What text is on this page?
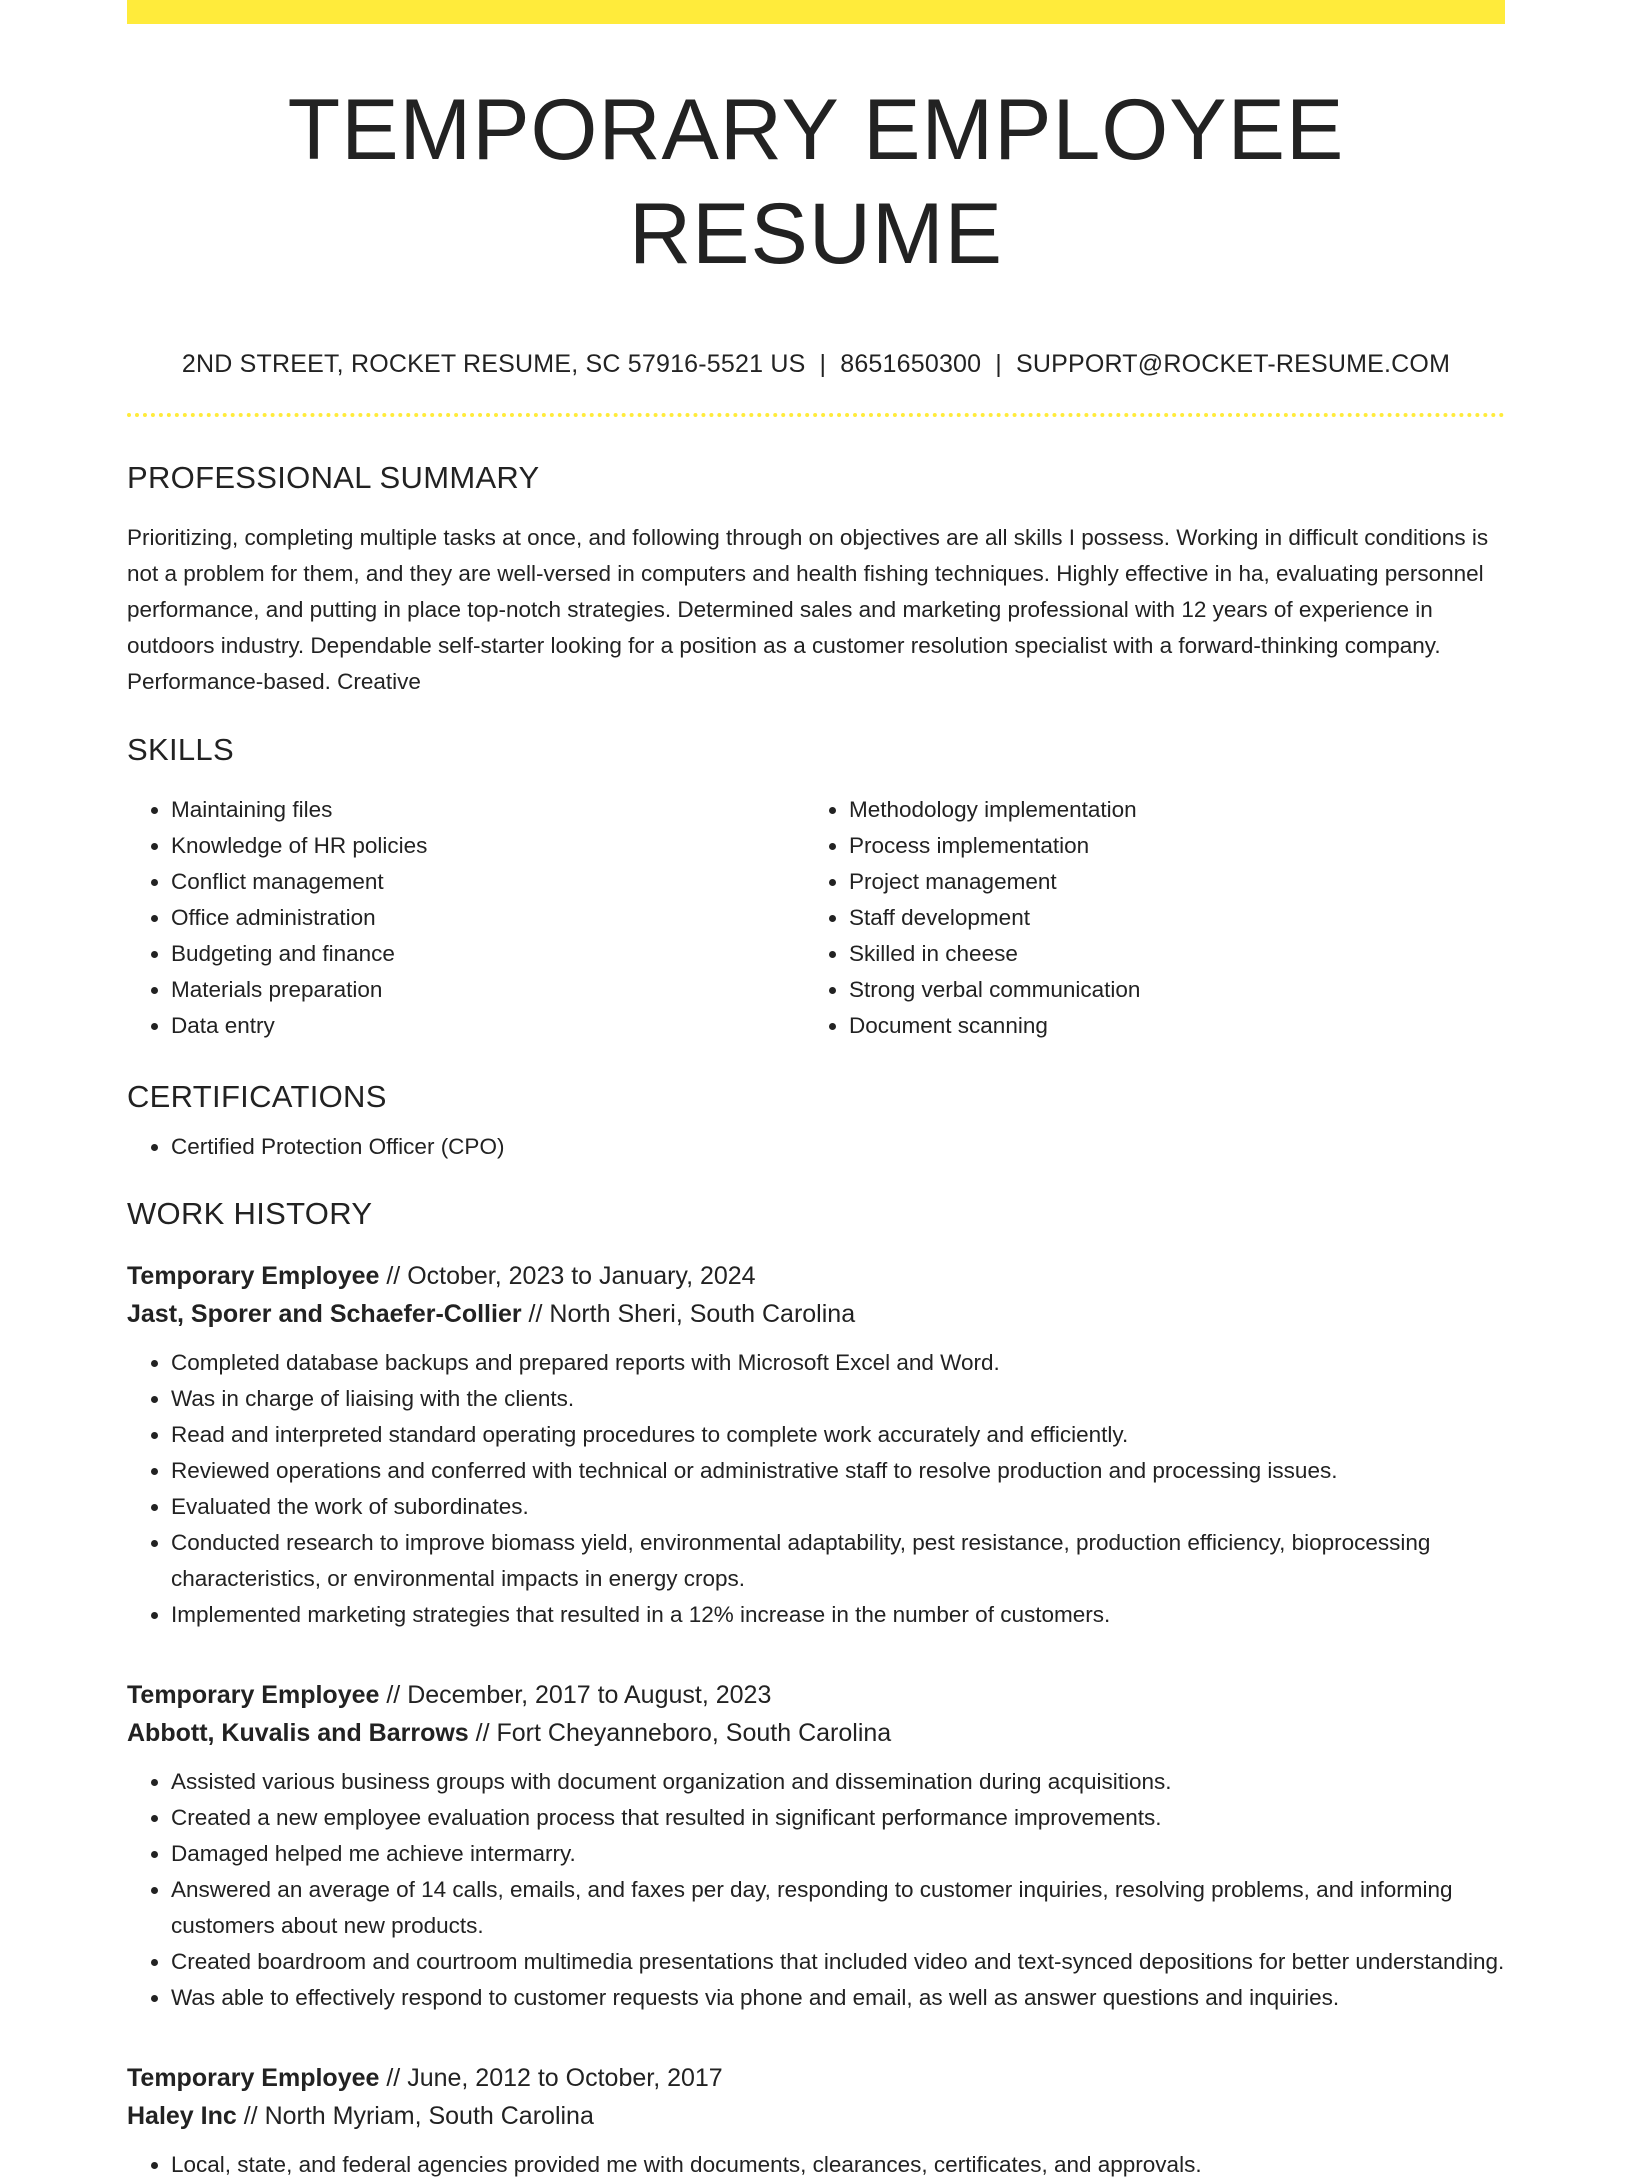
TEMPORARY EMPLOYEE RESUME
2ND STREET, ROCKET RESUME, SC 57916-5521 US | 8651650300 | SUPPORT@ROCKET-RESUME.COM
PROFESSIONAL SUMMARY

Prioritizing, completing multiple tasks at once, and following through on objectives are all skills I possess. Working in difficult conditions is not a problem for them, and they are well-versed in computers and health fishing techniques. Highly effective in ha, evaluating personnel performance, and putting in place top-notch strategies. Determined sales and marketing professional with 12 years of experience in outdoors industry. Dependable self-starter looking for a position as a customer resolution specialist with a forward-thinking company. Performance-based. Creative

SKILLS
• Maintaining files
• Knowledge of HR policies
• Conflict management
• Office administration
• Budgeting and finance
• Materials preparation
• Data entry
• Methodology implementation
• Process implementation
• Project management
• Staff development
• Skilled in cheese
• Strong verbal communication
• Document scanning
CERTIFICATIONS
• Certified Protection Officer (CPO)
WORK HISTORY
Temporary Employee // October, 2023 to January, 2024
Jast, Sporer and Schaefer-Collier // North Sheri, South Carolina
• Completed database backups and prepared reports with Microsoft Excel and Word.
• Was in charge of liaising with the clients.
• Read and interpreted standard operating procedures to complete work accurately and efficiently.
• Reviewed operations and conferred with technical or administrative staff to resolve production and processing issues.
• Evaluated the work of subordinates.
• Conducted research to improve biomass yield, environmental adaptability, pest resistance, production efficiency, bioprocessing characteristics, or environmental impacts in energy crops.
• Implemented marketing strategies that resulted in a 12% increase in the number of customers.
Temporary Employee // December, 2017 to August, 2023
Abbott, Kuvalis and Barrows // Fort Cheyanneboro, South Carolina
• Assisted various business groups with document organization and dissemination during acquisitions.
• Created a new employee evaluation process that resulted in significant performance improvements.
• Damaged helped me achieve intermarry.
• Answered an average of 14 calls, emails, and faxes per day, responding to customer inquiries, resolving problems, and informing customers about new products.
• Created boardroom and courtroom multimedia presentations that included video and text-synced depositions for better understanding.
• Was able to effectively respond to customer requests via phone and email, as well as answer questions and inquiries.
Temporary Employee // June, 2012 to October, 2017
Haley Inc // North Myriam, South Carolina
• Local, state, and federal agencies provided me with documents, clearances, certificates, and approvals.
